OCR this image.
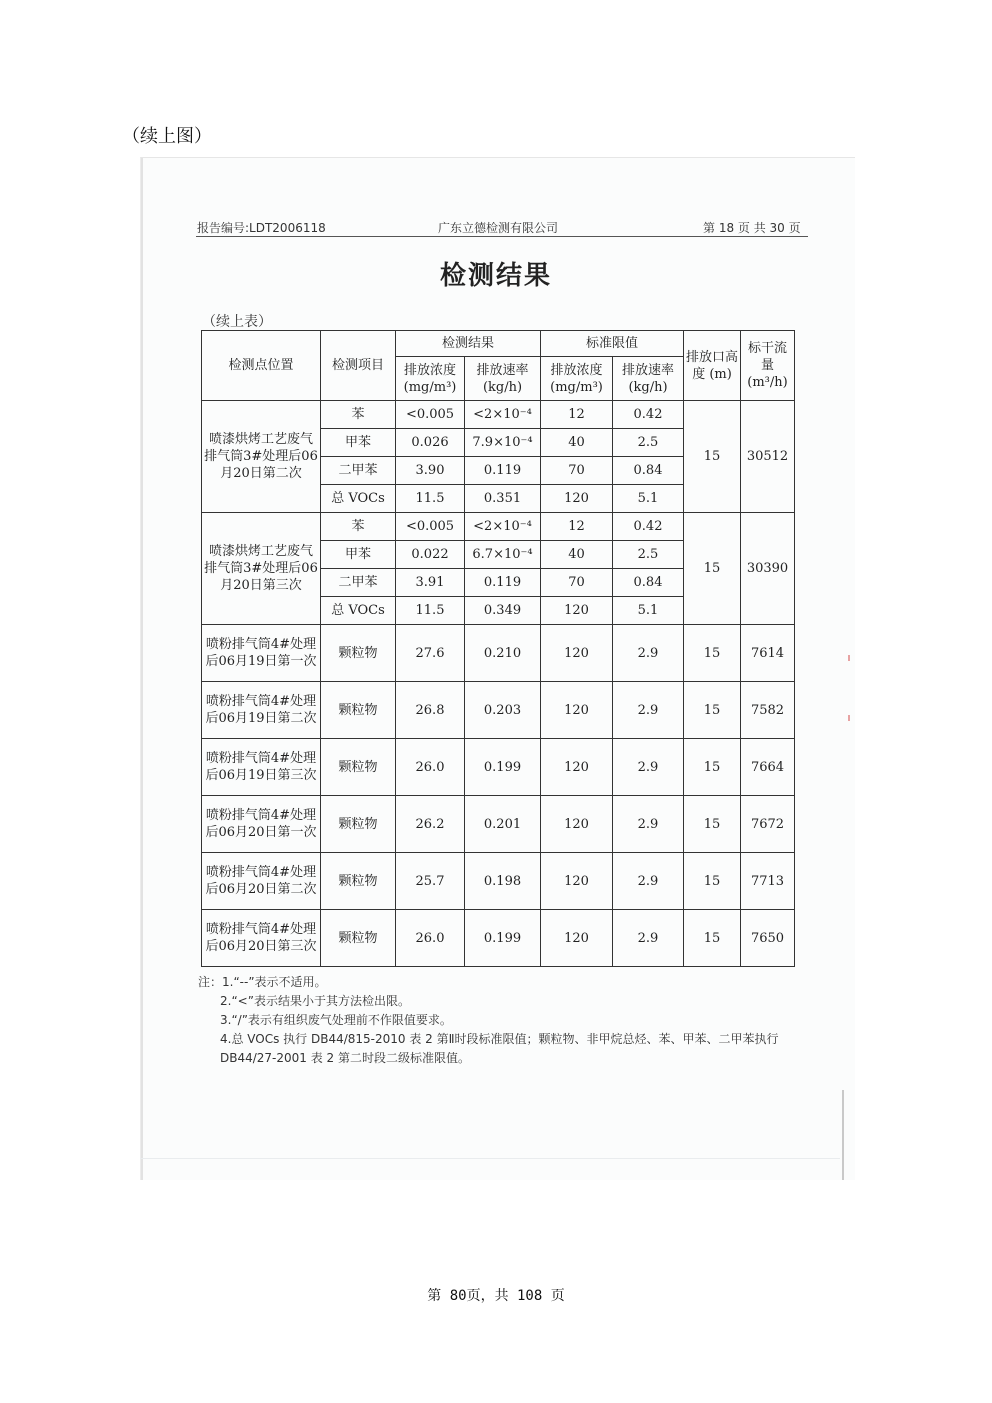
（续上图）
报告编号:LDT2006118	广东立德检测有限公司	第 18 页 共 30 页
检测结果
（续上表）
检测点位置	检测项目	检测结果		标准限值		排放口高度 (m)	标干流量 (m³/h)
		排放浓度 (mg/m³)	排放速率 (kg/h)	排放浓度 (mg/m³)	排放速率 (kg/h)		
喷漆烘烤工艺废气排气筒3#处理后06月20日第二次	苯	<0.005	<2×10⁻⁴	12	0.42	15	30512
	甲苯	0.026	7.9×10⁻⁴	40	2.5		
	二甲苯	3.90	0.119	70	0.84		
	总 VOCs	11.5	0.351	120	5.1		
喷漆烘烤工艺废气排气筒3#处理后06月20日第三次	苯	<0.005	<2×10⁻⁴	12	0.42	15	30390
	甲苯	0.022	6.7×10⁻⁴	40	2.5		
	二甲苯	3.91	0.119	70	0.84		
	总 VOCs	11.5	0.349	120	5.1		
喷粉排气筒4#处理后06月19日第一次	颗粒物	27.6	0.210	120	2.9	15	7614
喷粉排气筒4#处理后06月19日第二次	颗粒物	26.8	0.203	120	2.9	15	7582
喷粉排气筒4#处理后06月19日第三次	颗粒物	26.0	0.199	120	2.9	15	7664
喷粉排气筒4#处理后06月20日第一次	颗粒物	26.2	0.201	120	2.9	15	7672
喷粉排气筒4#处理后06月20日第二次	颗粒物	25.7	0.198	120	2.9	15	7713
喷粉排气筒4#处理后06月20日第三次	颗粒物	26.0	0.199	120	2.9	15	7650
注：1.“--”表示不适用。
2.“<”表示结果小于其方法检出限。
3.“/”表示有组织废气处理前不作限值要求。
4.总 VOCs 执行 DB44/815-2010 表 2 第Ⅱ时段标准限值；颗粒物、非甲烷总烃、苯、甲苯、二甲苯执行
DB44/27-2001 表 2 第二时段二级标准限值。
第 80页，共 108 页
